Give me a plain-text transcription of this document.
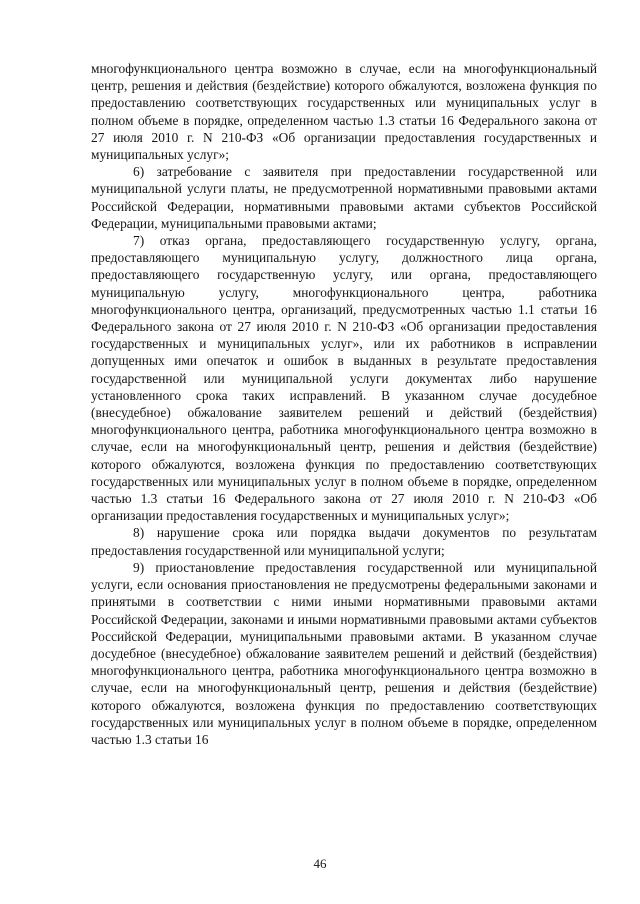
многофункционального центра возможно в случае, если на многофункциональный центр, решения и действия (бездействие) которого обжалуются, возложена функция по предоставлению соответствующих государственных или муниципальных услуг в полном объеме в порядке, определенном частью 1.3 статьи 16 Федерального закона от 27 июля 2010 г. N 210-ФЗ «Об организации предоставления государственных и муниципальных услуг»;

6) затребование с заявителя при предоставлении государственной или муниципальной услуги платы, не предусмотренной нормативными правовыми актами Российской Федерации, нормативными правовыми актами субъектов Российской Федерации, муниципальными правовыми актами;

7) отказ органа, предоставляющего государственную услугу, органа, предоставляющего муниципальную услугу, должностного лица органа, предоставляющего государственную услугу, или органа, предоставляющего муниципальную услугу, многофункционального центра, работника многофункционального центра, организаций, предусмотренных частью 1.1 статьи 16 Федерального закона от 27 июля 2010 г. N 210-ФЗ «Об организации предоставления государственных и муниципальных услуг», или их работников в исправлении допущенных ими опечаток и ошибок в выданных в результате предоставления государственной или муниципальной услуги документах либо нарушение установленного срока таких исправлений. В указанном случае досудебное (внесудебное) обжалование заявителем решений и действий (бездействия) многофункционального центра, работника многофункционального центра возможно в случае, если на многофункциональный центр, решения и действия (бездействие) которого обжалуются, возложена функция по предоставлению соответствующих государственных или муниципальных услуг в полном объеме в порядке, определенном частью 1.3 статьи 16 Федерального закона от 27 июля 2010 г. N 210-ФЗ «Об организации предоставления государственных и муниципальных услуг»;

8) нарушение срока или порядка выдачи документов по результатам предоставления государственной или муниципальной услуги;

9) приостановление предоставления государственной или муниципальной услуги, если основания приостановления не предусмотрены федеральными законами и принятыми в соответствии с ними иными нормативными правовыми актами Российской Федерации, законами и иными нормативными правовыми актами субъектов Российской Федерации, муниципальными правовыми актами. В указанном случае досудебное (внесудебное) обжалование заявителем решений и действий (бездействия) многофункционального центра, работника многофункционального центра возможно в случае, если на многофункциональный центр, решения и действия (бездействие) которого обжалуются, возложена функция по предоставлению соответствующих государственных или муниципальных услуг в полном объеме в порядке, определенном частью 1.3 статьи 16

46
